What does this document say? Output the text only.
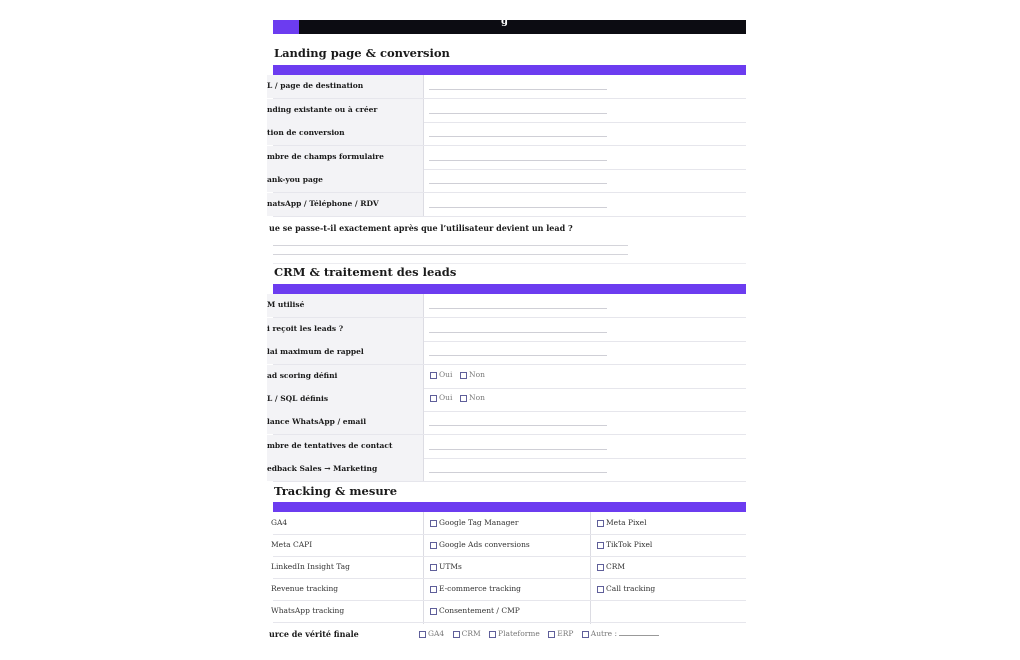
g
Landing page & conversion
L / page de destination
nding existante ou à créer
tion de conversion
mbre de champs formulaire
ank-you page
natsApp / Téléphone / RDV
ue se passe-t-il exactement après que l’utilisateur devient un lead ?
CRM & traitement des leads
M utilisé
i reçoit les leads ?
lai maximum de rappel
ad scoring défini	Oui	Non
L / SQL définis	Oui	Non
lance WhatsApp / email
mbre de tentatives de contact
edback Sales → Marketing
Tracking & mesure
GA4	Google Tag Manager	Meta Pixel
Meta CAPI	Google Ads conversions	TikTok Pixel
LinkedIn Insight Tag	UTMs	CRM
Revenue tracking	E-commerce tracking	Call tracking
WhatsApp tracking	Consentement / CMP
urce de vérité finale	GA4 CRM Plateforme ERP Autre :
